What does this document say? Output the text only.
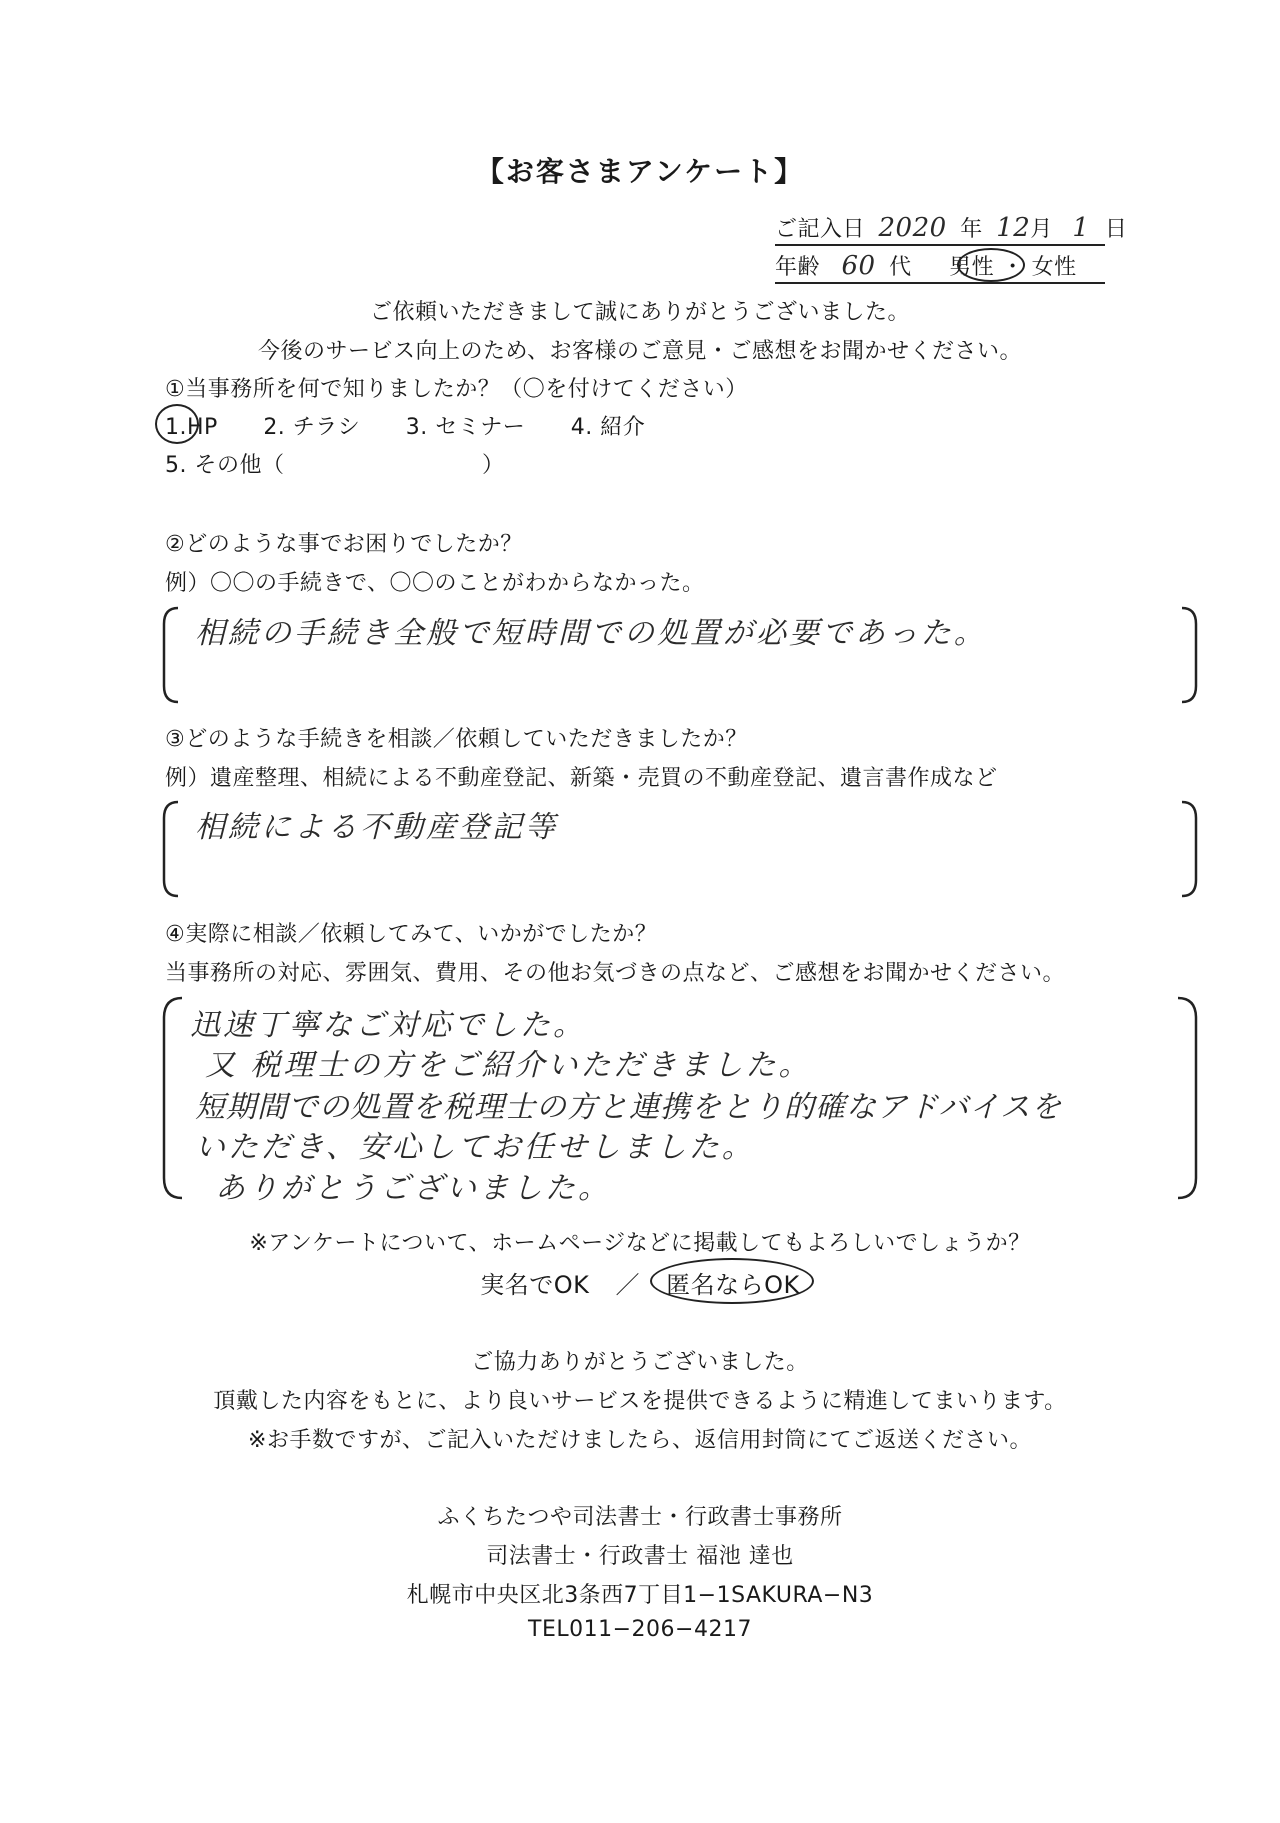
【お客さまアンケート】
ご記入日 2020 年 12月 1 日
年齢 60 代 男性 ・ 女性
ご依頼いただきまして誠にありがとうございました。
今後のサービス向上のため、お客様のご意見・ご感想をお聞かせください。
①当事務所を何で知りましたか？（〇を付けてください）
1.HP 2. チラシ 3. セミナー 4. 紹介
5. その他（	）
②どのような事でお困りでしたか？
例）〇〇の手続きで、〇〇のことがわからなかった。
相続の手続き全般で短時間での処置が必要であった。
③どのような手続きを相談／依頼していただきましたか？
例）遺産整理、相続による不動産登記、新築・売買の不動産登記、遺言書作成など
相続による不動産登記等
④実際に相談／依頼してみて、いかがでしたか？
当事務所の対応、雰囲気、費用、その他お気づきの点など、ご感想をお聞かせください。
迅速丁寧なご対応でした。
又 税理士の方をご紹介いただきました。
短期間での処置を税理士の方と連携をとり的確なアドバイスを
いただき、安心してお任せしました。
ありがとうございました。
※アンケートについて、ホームページなどに掲載してもよろしいでしょうか？
実名でOK ／ 匿名ならOK
ご協力ありがとうございました。
頂戴した内容をもとに、より良いサービスを提供できるように精進してまいります。
※お手数ですが、ご記入いただけましたら、返信用封筒にてご返送ください。
ふくちたつや司法書士・行政書士事務所
司法書士・行政書士 福池 達也
札幌市中央区北3条西7丁目1−1SAKURA−N3
TEL011−206−4217
